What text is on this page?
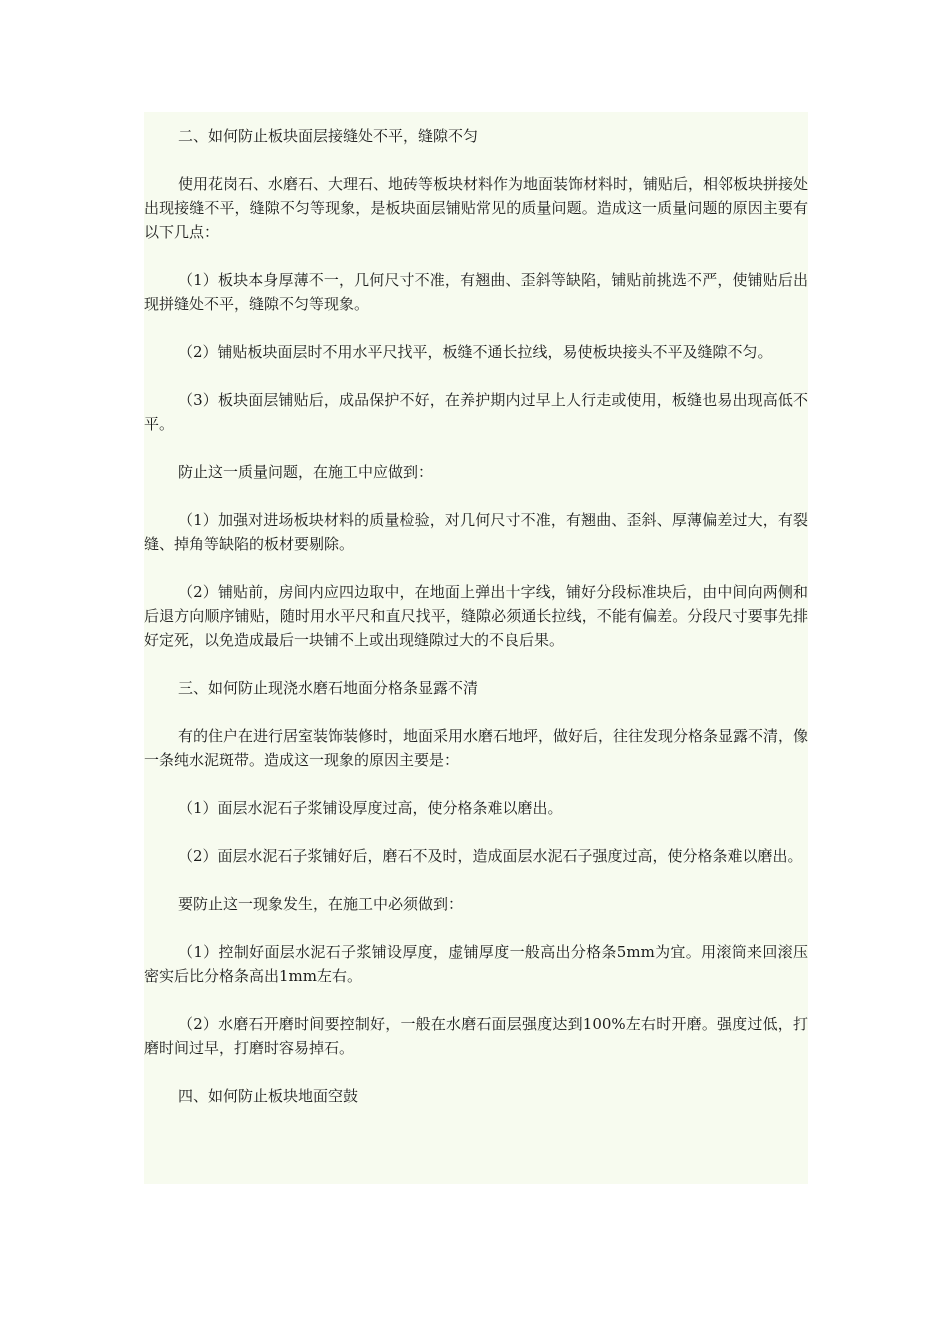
二、如何防止板块面层接缝处不平，缝隙不匀

使用花岗石、水磨石、大理石、地砖等板块材料作为地面装饰材料时，铺贴后，相邻板块拼接处出现接缝不平，缝隙不匀等现象，是板块面层铺贴常见的质量问题。造成这一质量问题的原因主要有以下几点：

（1）板块本身厚薄不一，几何尺寸不准，有翘曲、歪斜等缺陷，铺贴前挑选不严，使铺贴后出现拼缝处不平，缝隙不匀等现象。

（2）铺贴板块面层时不用水平尺找平，板缝不通长拉线，易使板块接头不平及缝隙不匀。

（3）板块面层铺贴后，成品保护不好，在养护期内过早上人行走或使用，板缝也易出现高低不平。

防止这一质量问题，在施工中应做到：

（1）加强对进场板块材料的质量检验，对几何尺寸不准，有翘曲、歪斜、厚薄偏差过大，有裂缝、掉角等缺陷的板材要剔除。

（2）铺贴前，房间内应四边取中，在地面上弹出十字线，铺好分段标准块后，由中间向两侧和后退方向顺序铺贴，随时用水平尺和直尺找平，缝隙必须通长拉线，不能有偏差。分段尺寸要事先排好定死，以免造成最后一块铺不上或出现缝隙过大的不良后果。

三、如何防止现浇水磨石地面分格条显露不清

有的住户在进行居室装饰装修时，地面采用水磨石地坪，做好后，往往发现分格条显露不清，像一条纯水泥斑带。造成这一现象的原因主要是：

（1）面层水泥石子浆铺设厚度过高，使分格条难以磨出。

（2）面层水泥石子浆铺好后，磨石不及时，造成面层水泥石子强度过高，使分格条难以磨出。

要防止这一现象发生，在施工中必须做到：

（1）控制好面层水泥石子浆铺设厚度，虚铺厚度一般高出分格条5mm为宜。用滚筒来回滚压密实后比分格条高出1mm左右。

（2）水磨石开磨时间要控制好，一般在水磨石面层强度达到100%左右时开磨。强度过低，打磨时间过早，打磨时容易掉石。

四、如何防止板块地面空鼓
